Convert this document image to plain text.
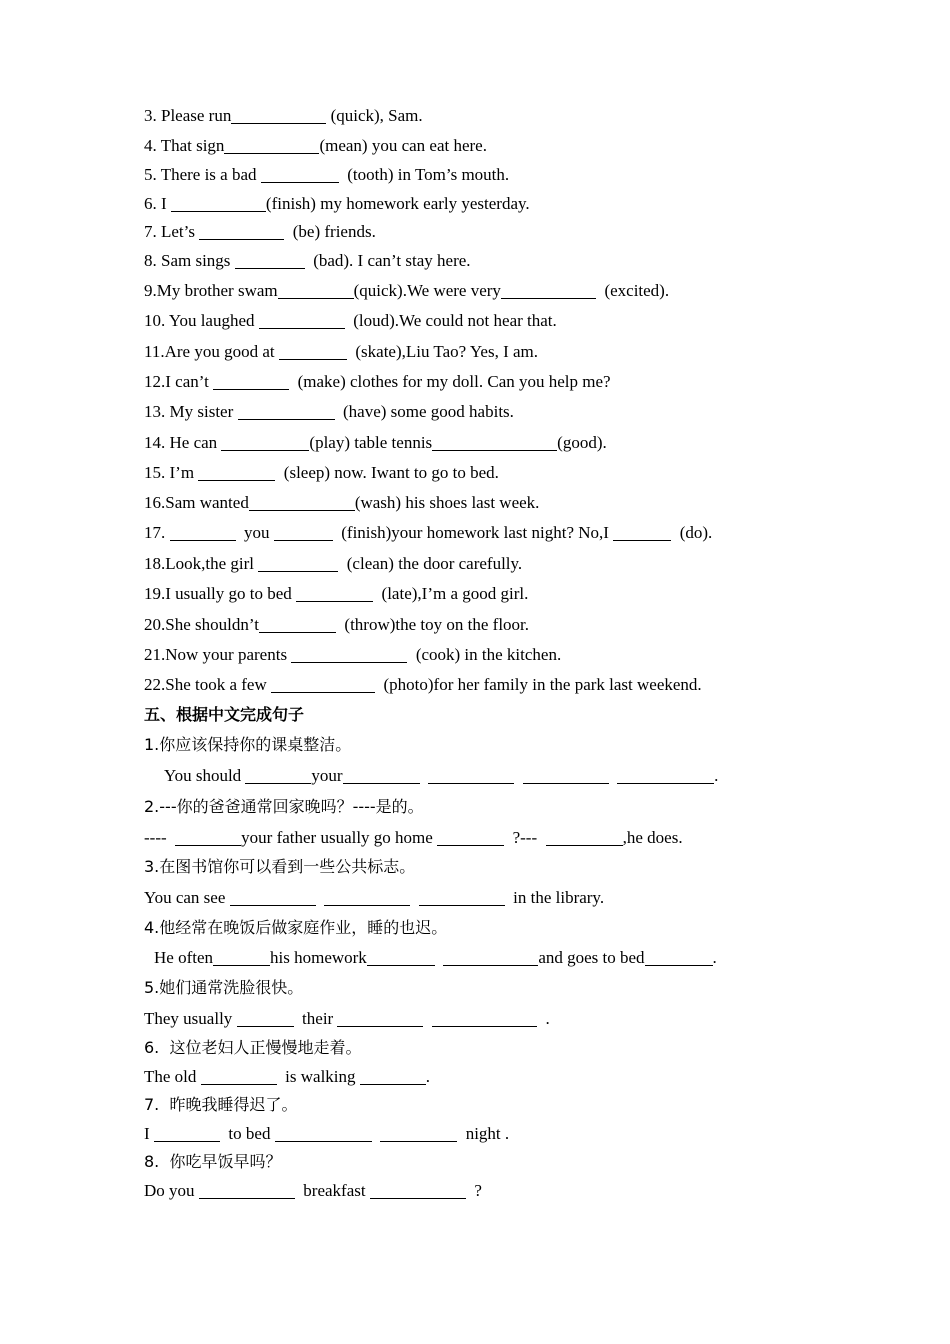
3. Please run	(quick), Sam.
4. That sign	(mean) you can eat here.
5. There is a bad	(tooth) in Tom’s mouth.
6. I	(finish) my homework early yesterday.
7. Let’s	(be) friends.
8. Sam sings	(bad). I can’t stay here.
9.My brother swam	(quick).We were very	(excited).
10. You laughed	(loud).We could not hear that.
11.Are you good at	(skate),Liu Tao? Yes, I am.
12.I can’t	(make) clothes for my doll. Can you help me?
13. My sister	(have) some good habits.
14. He can	(play) table tennis	(good).
15. I’m	(sleep) now. Iwant to go to bed.
16.Sam wanted	(wash) his shoes last week.
17.	you	(finish)your homework last night? No,I	(do).
18.Look,the girl	(clean) the door carefully.
19.I usually go to bed	(late),I’m a good girl.
20.She shouldn’t	(throw)the toy on the floor.
21.Now your parents	(cook) in the kitchen.
22.She took a few	(photo)for her family in the park last weekend.
五、根据中文完成句子
1.你应该保持你的课桌整洁。
You should	your	.
2.---你的爸爸通常回家晚吗？----是的。
----	your father usually go home	?---	,he does.
3.在图书馆你可以看到一些公共标志。
You can see	in the library.
4.他经常在晚饭后做家庭作业，睡的也迟。
He often	his homework	and goes to bed	.
5.她们通常洗脸很快。
They usually	their	.
6.  这位老妇人正慢慢地走着。
The old	is walking	.
7.  昨晚我睡得迟了。
I	to bed	night .
8.  你吃早饭早吗？
Do you	breakfast	?
